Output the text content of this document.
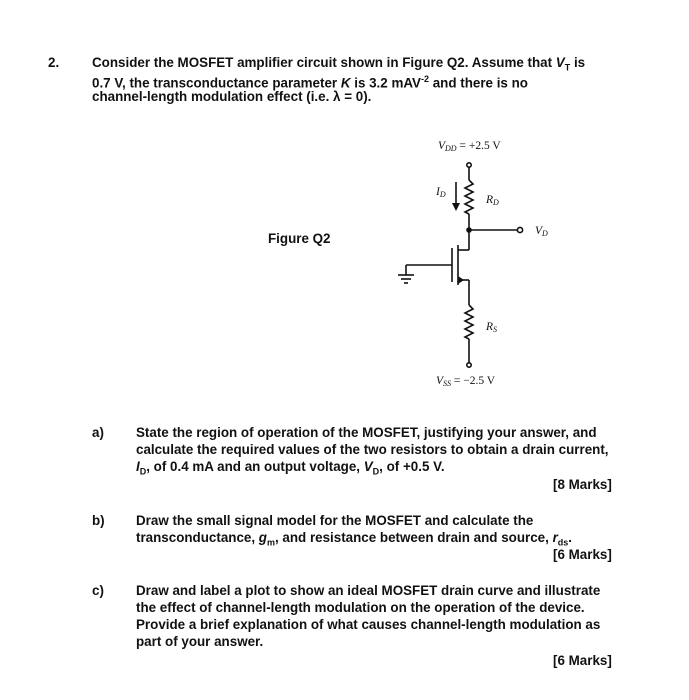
2. Consider the MOSFET amplifier circuit shown in Figure Q2. Assume that $V_T$ is
0.7 V, the transconductance parameter K is 3.2 mAV$^{-2}$ and there is no
channel-length modulation effect (i.e. λ = 0).
Figure Q2
VDD = +2.5 V
ID	RD
VD
RS
VSS = −2.5 V
a) State the region of operation of the MOSFET, justifying your answer, and
calculate the required values of the two resistors to obtain a drain current,
$I_D$, of 0.4 mA and an output voltage, $V_D$, of +0.5 V.
[8 Marks]
b) Draw the small signal model for the MOSFET and calculate the
transconductance, $g_m$, and resistance between drain and source, $r_{ds}$.
[6 Marks]
c) Draw and label a plot to show an ideal MOSFET drain curve and illustrate
the effect of channel-length modulation on the operation of the device.
Provide a brief explanation of what causes channel-length modulation as
part of your answer.
[6 Marks]
